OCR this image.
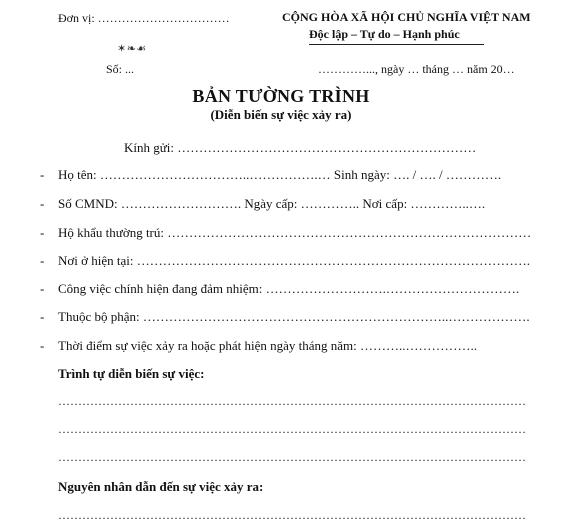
Đơn vị: ……………………………	CỘNG HÒA XÃ HỘI CHỦ NGHĨA VIỆT NAM
Độc lập – Tự do – Hạnh phúc
✶❧☙
Số: ...	…………..., ngày … tháng … năm 20…
BẢN TƯỜNG TRÌNH
(Diễn biến sự việc xảy ra)
Kính gửi: ……………………………………………………………
- Họ tên: ……………………………..…………….… Sinh ngày: …. / …. / ………….
- Số CMND: ………………………. Ngày cấp: ………….. Nơi cấp: …………..….
- Hộ khẩu thường trú: …………………………………………………………………………
- Nơi ở hiện tại: ……………………………………………………………………………….
- Công việc chính hiện đang đảm nhiệm: ……………………….………………………….
- Thuộc bộ phận: ……………………………………………………………..……………….
- Thời điểm sự việc xảy ra hoặc phát hiện ngày tháng năm: ………..……………..
Trình tự diễn biến sự việc:
………………………………………………………………………………………………………
………………………………………………………………………………………………………
………………………………………………………………………………………………………
Nguyên nhân dẫn đến sự việc xảy ra:
………………………………………………………………………………………………………
